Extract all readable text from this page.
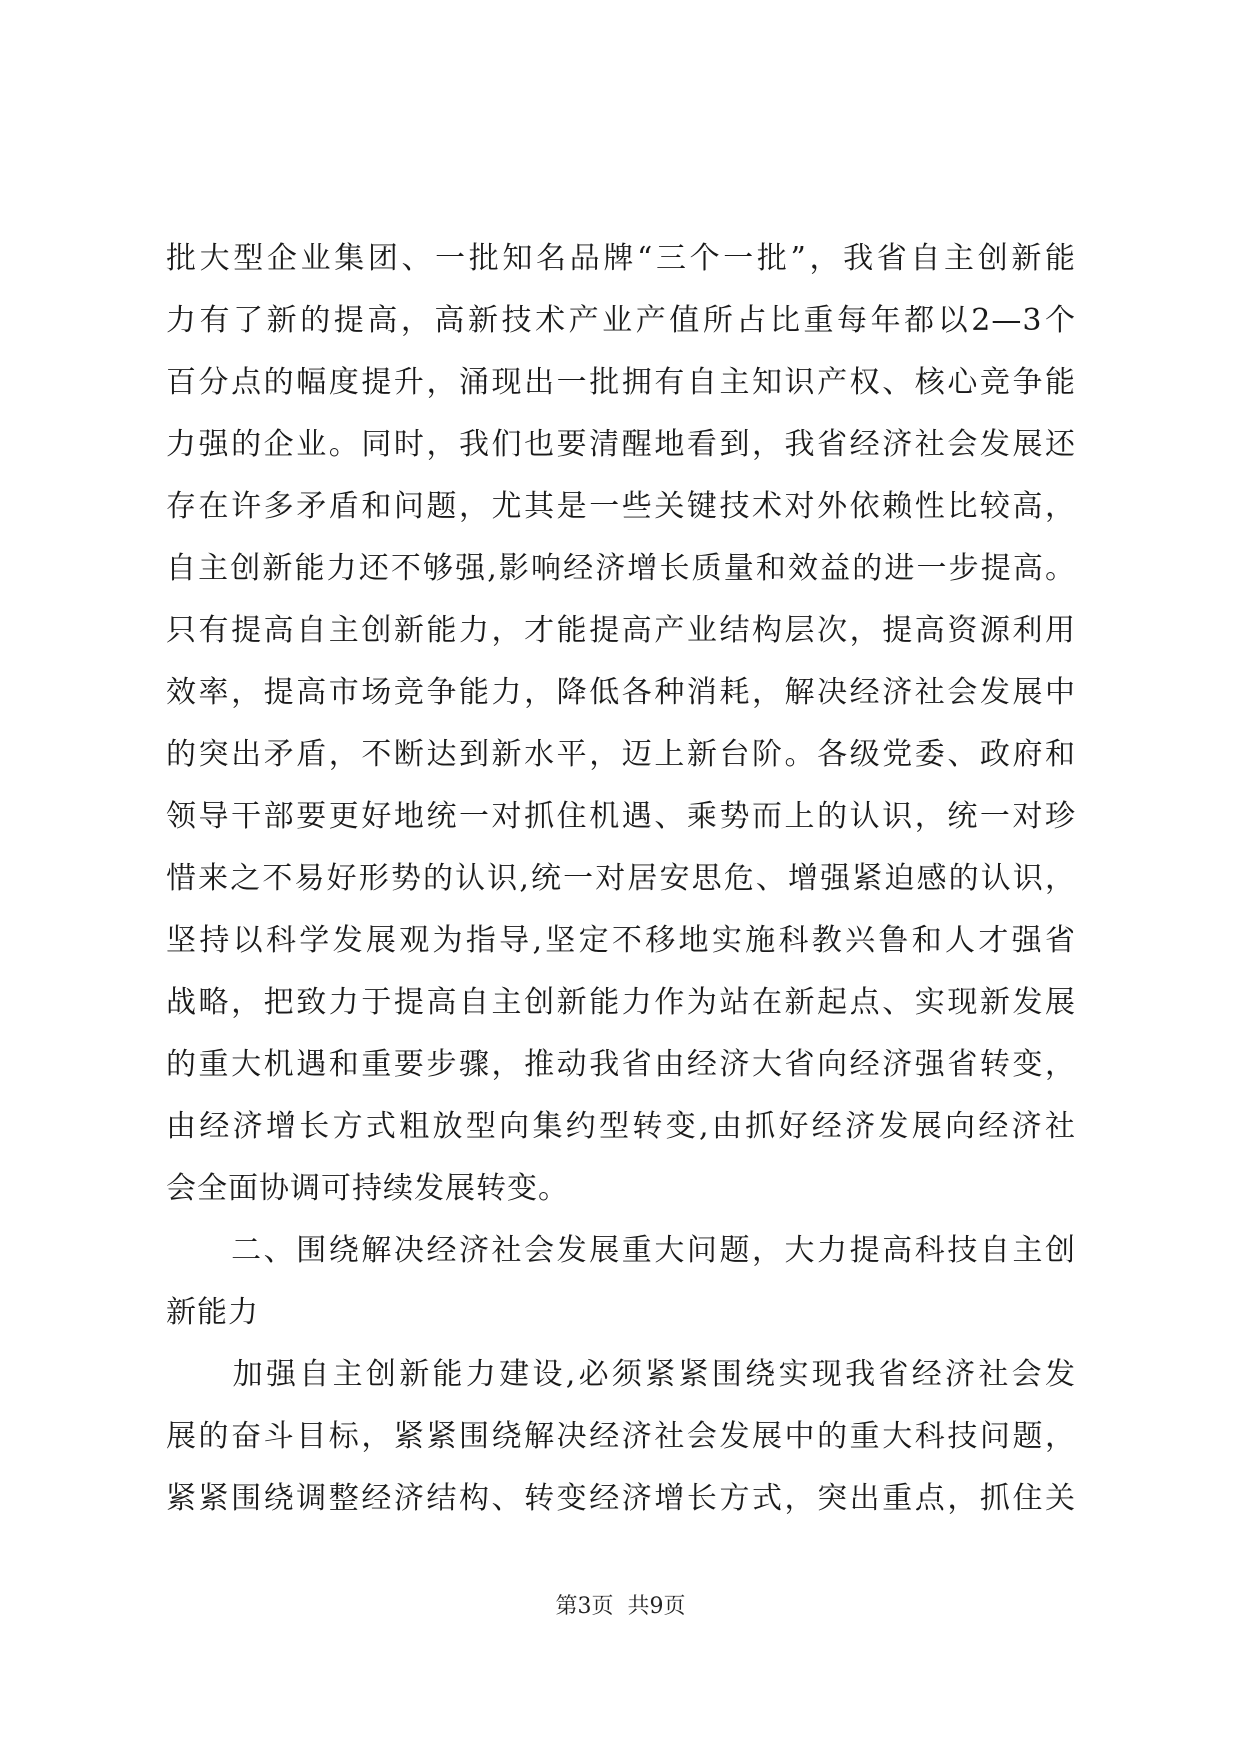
批大型企业集团、一批知名品牌“三个一批”，我省自主创新能
力有了新的提高，高新技术产业产值所占比重每年都以2—3个
百分点的幅度提升，涌现出一批拥有自主知识产权、核心竞争能
力强的企业。同时，我们也要清醒地看到，我省经济社会发展还
存在许多矛盾和问题，尤其是一些关键技术对外依赖性比较高，
自主创新能力还不够强,影响经济增长质量和效益的进一步提高。
只有提高自主创新能力，才能提高产业结构层次，提高资源利用
效率，提高市场竞争能力，降低各种消耗，解决经济社会发展中
的突出矛盾，不断达到新水平，迈上新台阶。各级党委、政府和
领导干部要更好地统一对抓住机遇、乘势而上的认识，统一对珍
惜来之不易好形势的认识,统一对居安思危、增强紧迫感的认识，
坚持以科学发展观为指导,坚定不移地实施科教兴鲁和人才强省
战略，把致力于提高自主创新能力作为站在新起点、实现新发展
的重大机遇和重要步骤，推动我省由经济大省向经济强省转变，
由经济增长方式粗放型向集约型转变,由抓好经济发展向经济社
会全面协调可持续发展转变。
　　二、围绕解决经济社会发展重大问题，大力提高科技自主创
新能力
　　加强自主创新能力建设,必须紧紧围绕实现我省经济社会发
展的奋斗目标，紧紧围绕解决经济社会发展中的重大科技问题，
紧紧围绕调整经济结构、转变经济增长方式，突出重点，抓住关
第3页  共9页
